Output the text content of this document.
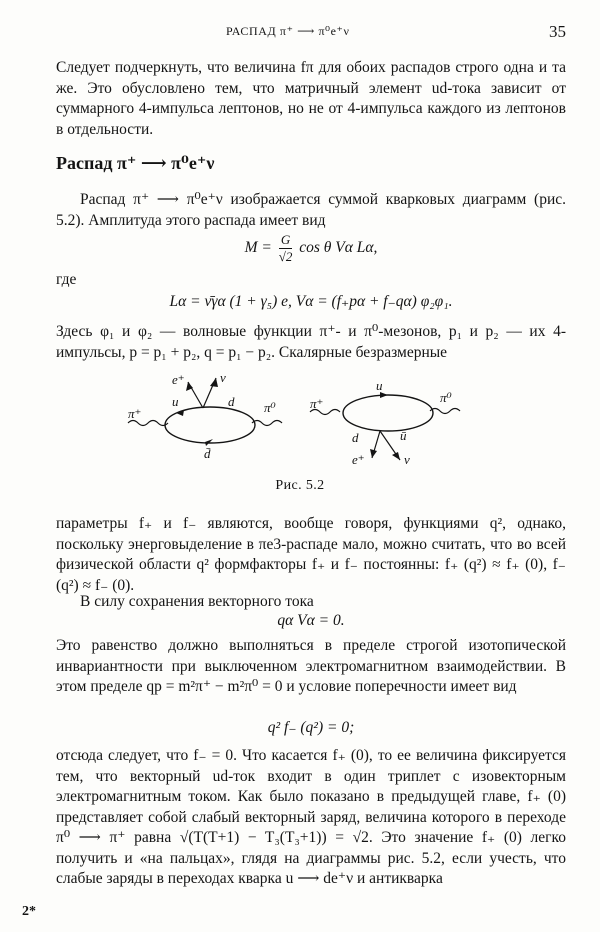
РАСПАД π⁺ ⟶ π⁰e⁺ν	35
Следует подчеркнуть, что величина fπ для обоих распадов строго одна и та же. Это обусловлено тем, что матричный элемент ud-тока зависит от суммарного 4-импульса лептонов, но не от 4-импульса каждого из лептонов в отдельности.
Распад π⁺ ⟶ π⁰e⁺ν
Распад π⁺ ⟶ π⁰e⁺ν изображается суммой кварковых диаграмм (рис. 5.2). Амплитуда этого распада имеет вид
$M = \frac{G}{√2}$ cos θ Vα Lα,
где
Lα = ν̄γα (1 + γ₅) e, Vα = (f₊pα + f₋qα) φ₂φ₁.
Здесь φ₁ и φ₂ — волновые функции π⁺- и π⁰-мезонов, p₁ и p₂ — их 4-импульсы, p = p₁ + p₂, q = p₁ − p₂. Скалярные безразмерные
π⁺	π⁰
e⁺	ν
u	d
d̄
π⁺	π⁰
u
d	ū
e⁺	ν
Рис. 5.2
параметры f₊ и f₋ являются, вообще говоря, функциями q², однако, поскольку энерговыделение в πe3-распаде мало, можно считать, что во всей физической области q² формфакторы f₊ и f₋ постоянны: f₊ (q²) ≈ f₊ (0), f₋ (q²) ≈ f₋ (0).
В силу сохранения векторного тока
qα Vα = 0.
Это равенство должно выполняться в пределе строгой изотопической инвариантности при выключенном электромагнитном взаимодействии. В этом пределе qp = m²π⁺ − m²π⁰ = 0 и условие поперечности имеет вид
q² f₋ (q²) = 0;
отсюда следует, что f₋ = 0. Что касается f₊ (0), то ее величина фиксируется тем, что векторный ud-ток входит в один триплет с изовекторным электромагнитным током. Как было показано в предыдущей главе, f₊ (0) представляет собой слабый векторный заряд, величина которого в переходе π⁰ ⟶ π⁺ равна √(T(T+1) − T₃(T₃+1)) = √2. Это значение f₊ (0) легко получить и «на пальцах», глядя на диаграммы рис. 5.2, если учесть, что слабые заряды в переходах кварка u ⟶ de⁺ν и антикварка
2*
